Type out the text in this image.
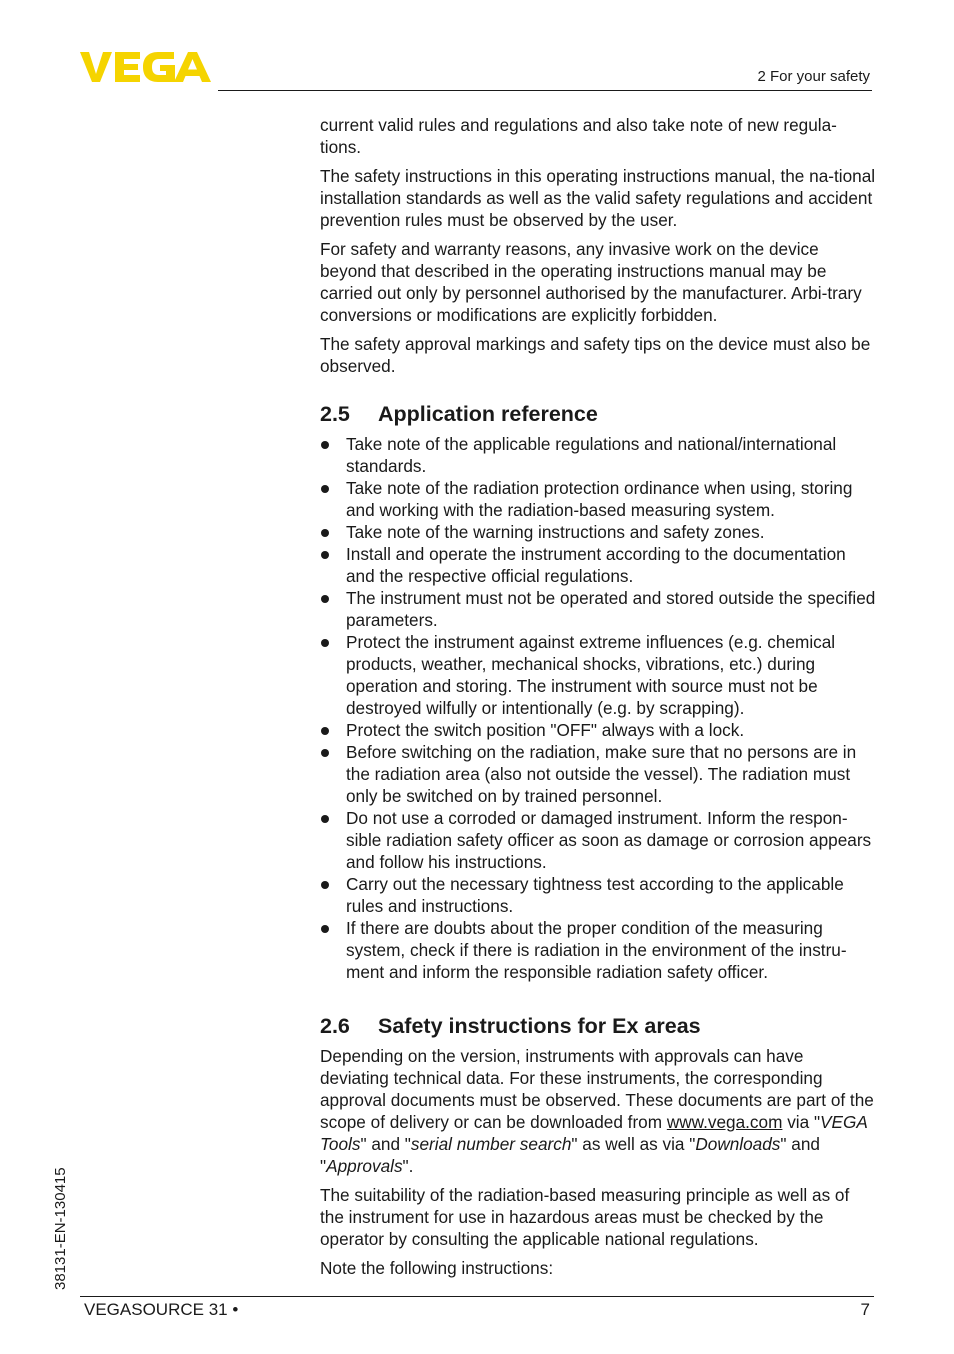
2 For your safety

current valid rules and regulations and also take note of new regula-tions.

The safety instructions in this operating instructions manual, the na-tional installation standards as well as the valid safety regulations and accident prevention rules must be observed by the user.

For safety and warranty reasons, any invasive work on the device beyond that described in the operating instructions manual may be carried out only by personnel authorised by the manufacturer. Arbi-trary conversions or modifications are explicitly forbidden.

The safety approval markings and safety tips on the device must also be observed.

2.5 Application reference
Take note of the applicable regulations and national/international standards.
Take note of the radiation protection ordinance when using, storing and working with the radiation-based measuring system.
Take note of the warning instructions and safety zones.
Install and operate the instrument according to the documentation and the respective official regulations.
The instrument must not be operated and stored outside the specified parameters.
Protect the instrument against extreme influences (e.g. chemical products, weather, mechanical shocks, vibrations, etc.) during operation and storing. The instrument with source must not be destroyed wilfully or intentionally (e.g. by scrapping).
Protect the switch position "OFF" always with a lock.
Before switching on the radiation, make sure that no persons are in the radiation area (also not outside the vessel). The radiation must only be switched on by trained personnel.
Do not use a corroded or damaged instrument. Inform the respon-sible radiation safety officer as soon as damage or corrosion appears and follow his instructions.
Carry out the necessary tightness test according to the applicable rules and instructions.
If there are doubts about the proper condition of the measuring system, check if there is radiation in the environment of the instru-ment and inform the responsible radiation safety officer.
2.6 Safety instructions for Ex areas

Depending on the version, instruments with approvals can have deviating technical data. For these instruments, the corresponding approval documents must be observed. These documents are part of the scope of delivery or can be downloaded from www.vega.com via "VEGA Tools" and "serial number search" as well as via "Downloads" and "Approvals".

The suitability of the radiation-based measuring principle as well as of the instrument for use in hazardous areas must be checked by the operator by consulting the applicable national regulations.

Note the following instructions:

38131-EN-130415
VEGASOURCE 31 •	7
